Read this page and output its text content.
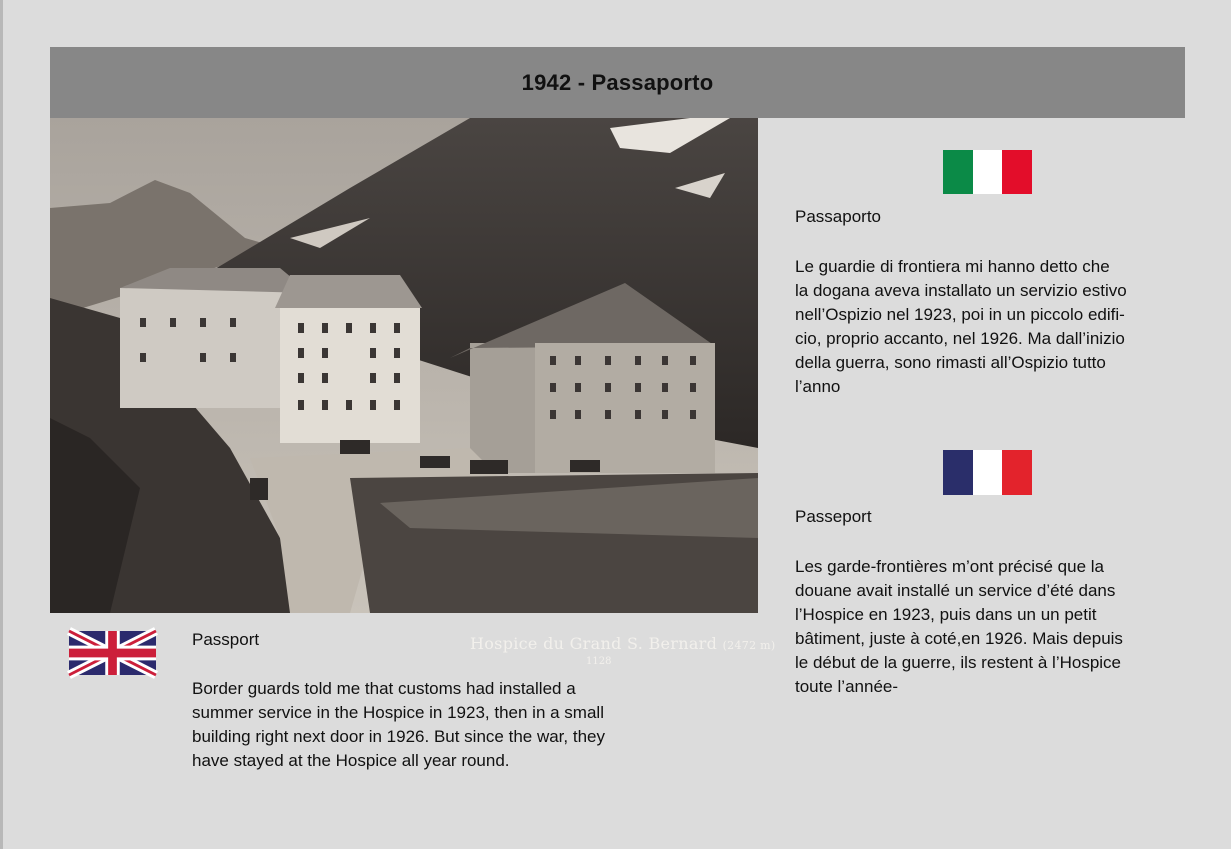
1942 - Passaporto
Hospice du Grand S. Bernard (2472 m)
1128
Passaporto
Le guardie di frontiera mi hanno detto che
la dogana aveva installato un servizio estivo
nell’Ospizio nel 1923, poi in un piccolo edifi-
cio, proprio accanto, nel 1926. Ma dall’inizio
della guerra, sono rimasti all’Ospizio tutto
l’anno
Passeport
Les garde-frontières m’ont précisé que la
douane avait installé un service d’été dans
l’Hospice en 1923, puis dans un un petit
bâtiment, juste à coté,en 1926. Mais depuis
le début de la guerre, ils restent à l’Hospice
toute l’année-
Passport
Border guards told me that customs had installed a
summer service in the Hospice in 1923, then in a small
building right next door in 1926. But since the war, they
have stayed at the Hospice all year round.
